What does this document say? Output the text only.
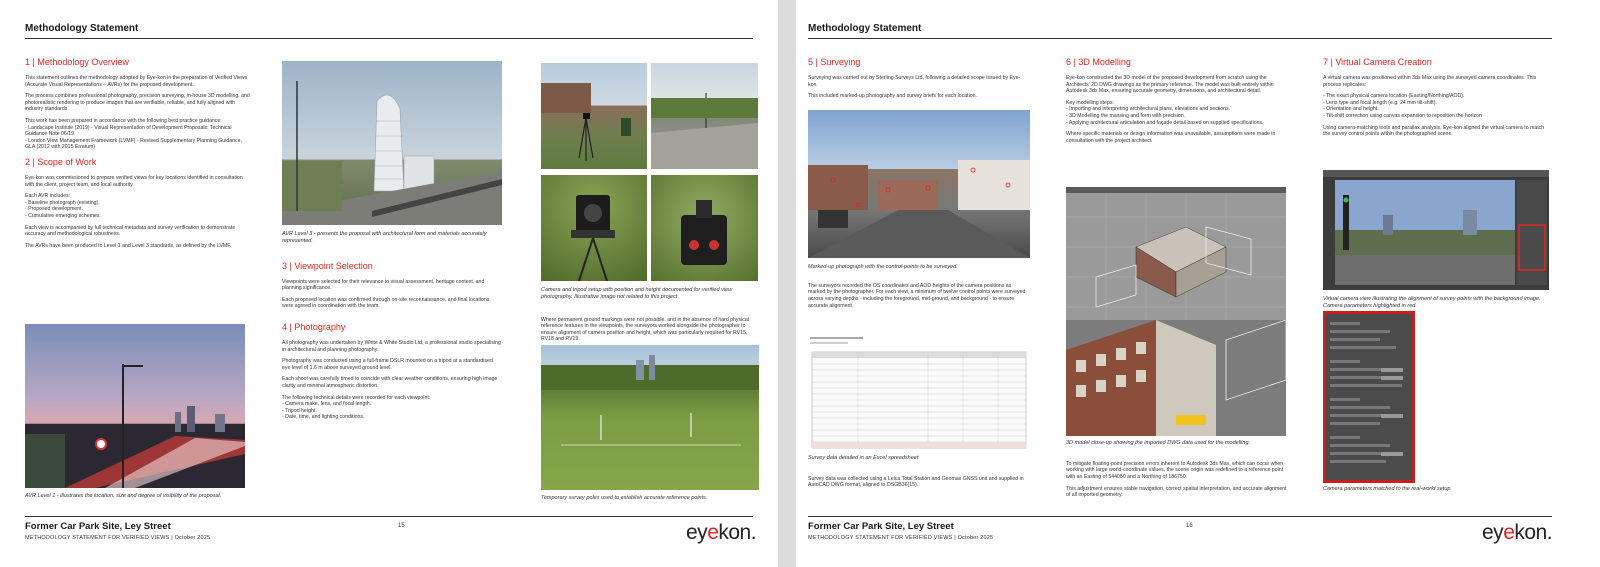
Methodology Statement
1 | Methodology Overview

This statement outlines the methodology adopted by Eye-kon in the preparation of Verified Views (Accurate Visual Representations – AVRs) for the proposed development.

The process combines professional photography, precision surveying, in-house 3D modelling, and photorealistic rendering to produce images that are verifiable, reliable, and fully aligned with industry standards.

This work has been prepared in accordance with the following best practice guidance:

- Landscape Institute (2019) - Visual Representation of Development Proposals: Technical Guidance Note 06/19
- London View Management Framework (LVMF) - Revised Supplementary Planning Guidance, GLA (2012 with 2015 Erratum)

2 | Scope of Work

Eye-kon was commissioned to prepare verified views for key locations identified in consultation with the client, project team, and local authority

Each AVR includes:

- Baseline photograph (existing).
- Proposed development.
- Cumulative emerging schemes.

Each view is accompanied by full technical metadata and survey verification to demonstrate accuracy and methodological robustness.

The AVRs have been produced to Level 1 and Level 3 standards, as defined by the LVMF.

AVR Level 1 - illustrates the location, size and degree of visibility of the proposal.
AVR Level 3 - presents the proposal with architectural form and materials accurately represented.
3 | Viewpoint Selection

Viewpoints were selected for their relevance to visual assessment, heritage context, and planning significance.

Each proposed location was confirmed through on-site reconnaissance, and final locations were agreed in coordination with the team.

4 | Photography

All photography was undertaken by White & White Studio Ltd, a professional studio specialising in architectural and planning photography.

Photography was conducted using a full-frame DSLR mounted on a tripod at a standardised eye level of 1.6 m above surveyed ground level.

Each shoot was carefully timed to coincide with clear weather conditions, ensuring high image clarity and minimal atmospheric distortion.

The following technical details were recorded for each viewpoint:

- Camera make, lens, and focal length.
- Tripod height.
- Date, time, and lighting conditions.

Camera and tripod setup with position and height documented for verified view photography. Illustrative image not related to this project

Where permanent ground markings were not possible, and in the absence of hard physical reference features in the viewpoints, the surveyors worked alongside the photographer to ensure alignment of camera position and height, which was particularly required for RV15, RV18 and RV19.

Temporary survey poles used to establish accurate reference points.
Former Car Park Site, Ley Street
METHODOLOGY STATEMENT FOR VERIFIED VIEWS | October 2025
15	eyekon.
Methodology Statement
5 | Surveying

Surveying was carried out by Sterling Surveys Ltd, following a detailed scope issued by Eye-kon.

This included marked-up photography and survey briefs for each location.

Marked-up photograph with the control-points to be surveyed.

The surveyors recorded the OS coordinates and AOD heights of the camera positions as marked by the photographer. For each view, a minimum of twelve control points were surveyed across varying depths - including the foreground, mid-ground, and background - to ensure accurate alignment.

Survey data detailed in an Excel spreadsheet

Survey data was collected using a Leica Total Station and Geomax GNSS unit and supplied in AutoCAD DWG format, aligned to OSGB36(15).

6 | 3D Modelling

Eye-kon constructed the 3D model of the proposed development from scratch using the Architects' 2D DWG drawings as the primary reference. The model was built entirely within Autodesk 3ds Max, ensuring accurate geometry, dimensions, and architectural detail.

Key modelling steps:

- Importing and interpreting architectural plans, elevations and sections.
- 3D Modelling the massing and form with precision.
- Applying architectural articulation and façade detail based on supplied specifications.

Where specific materials or design information was unavailable, assumptions were made in consultation with the project architect.

3D model close-up showing the imported DWG data used for the modelling.

To mitigate floating-point precision errors inherent to Autodesk 3ds Max, which can occur when working with large world-coordinate values, the scene origin was redefined to a reference point with an Easting of 544050 and a Northing of 186750.

This adjustment ensures stable navigation, correct spatial interpretation, and accurate alignment of all imported geometry.

7 | Virtual Camera Creation

A virtual camera was positioned within 3ds Max using the surveyed camera coordinates. This process replicates:

- The exact physical camera location (Easting/Northing/AOD).
- Lens type and focal length (e.g. 24 mm tilt-shift).
- Orientation and height.
- Tilt-shift correction using canvas expansion to reposition the horizon

Using camera-matching tools and parallax analysis, Eye-kon aligned the virtual camera to match the survey control points within the photographed scene.

Virtual camera view illustrating the alignment of survey points with the background image. Camera parameters highlighted in red.
Camera parameters matched to the real-world setup.
Former Car Park Site, Ley Street
METHODOLOGY STATEMENT FOR VERIFIED VIEWS | October 2025
16	eyekon.
